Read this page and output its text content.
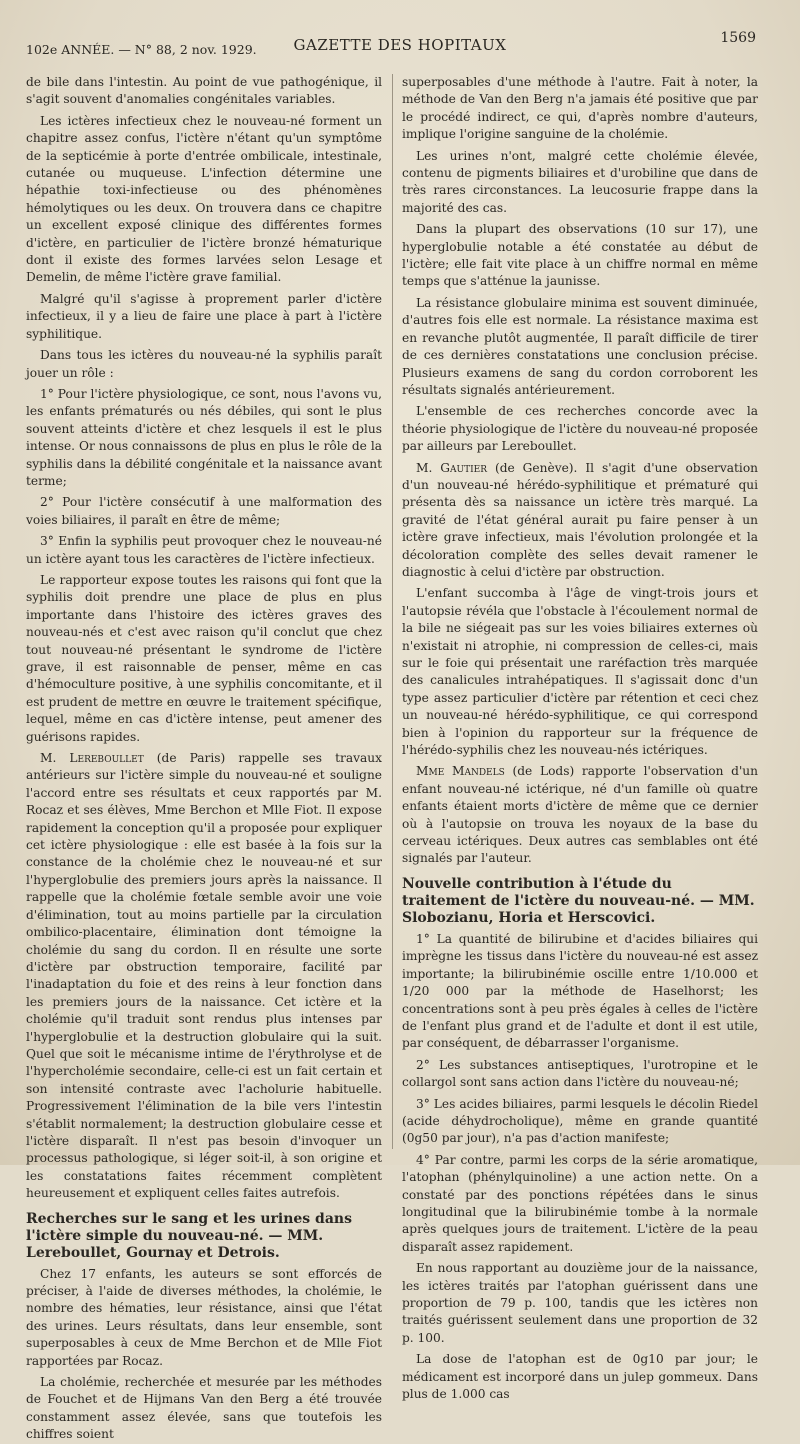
102e ANNÉE. — N° 88, 2 nov. 1929.	GAZETTE DES HOPITAUX	1569

de bile dans l'intestin. Au point de vue pathogénique, il s'agit souvent d'anomalies congénitales variables.

Les ictères infectieux chez le nouveau-né forment un chapitre assez confus, l'ictère n'étant qu'un symptôme de la septicémie à porte d'entrée ombilicale, intestinale, cutanée ou muqueuse. L'infection détermine une hépathie toxi-infectieuse ou des phénomènes hémolytiques ou les deux. On trouvera dans ce chapitre un excellent exposé clinique des différentes formes d'ictère, en particulier de l'ictère bronzé hématurique dont il existe des formes larvées selon Lesage et Demelin, de même l'ictère grave familial.

Malgré qu'il s'agisse à proprement parler d'ictère infectieux, il y a lieu de faire une place à part à l'ictère syphilitique.

Dans tous les ictères du nouveau-né la syphilis paraît jouer un rôle :

1° Pour l'ictère physiologique, ce sont, nous l'avons vu, les enfants prématurés ou nés débiles, qui sont le plus souvent atteints d'ictère et chez lesquels il est le plus intense. Or nous connaissons de plus en plus le rôle de la syphilis dans la débilité congénitale et la naissance avant terme;

2° Pour l'ictère consécutif à une malformation des voies biliaires, il paraît en être de même;

3° Enfin la syphilis peut provoquer chez le nouveau-né un ictère ayant tous les caractères de l'ictère infectieux.

Le rapporteur expose toutes les raisons qui font que la syphilis doit prendre une place de plus en plus importante dans l'histoire des ictères graves des nouveau-nés et c'est avec raison qu'il conclut que chez tout nouveau-né présentant le syndrome de l'ictère grave, il est raisonnable de penser, même en cas d'hémoculture positive, à une syphilis concomitante, et il est prudent de mettre en œuvre le traitement spécifique, lequel, même en cas d'ictère intense, peut amener des guérisons rapides.

M. Lereboullet (de Paris) rappelle ses travaux antérieurs sur l'ictère simple du nouveau-né et souligne l'accord entre ses résultats et ceux rapportés par M. Rocaz et ses élèves, Mme Berchon et Mlle Fiot. Il expose rapidement la conception qu'il a proposée pour expliquer cet ictère physiologique : elle est basée à la fois sur la constance de la cholémie chez le nouveau-né et sur l'hyperglobulie des premiers jours après la naissance. Il rappelle que la cholémie fœtale semble avoir une voie d'élimination, tout au moins partielle par la circulation ombilico-placentaire, élimination dont témoigne la cholémie du sang du cordon. Il en résulte une sorte d'ictère par obstruction temporaire, facilité par l'inadaptation du foie et des reins à leur fonction dans les premiers jours de la naissance. Cet ictère et la cholémie qu'il traduit sont rendus plus intenses par l'hyperglobulie et la destruction globulaire qui la suit. Quel que soit le mécanisme intime de l'érythrolyse et de l'hypercholémie secondaire, celle-ci est un fait certain et son intensité contraste avec l'acholurie habituelle. Progressivement l'élimination de la bile vers l'intestin s'établit normalement; la destruction globulaire cesse et l'ictère disparaît. Il n'est pas besoin d'invoquer un processus pathologique, si léger soit-il, à son origine et les constatations faites récemment complètent heureusement et expliquent celles faites autrefois.

Recherches sur le sang et les urines dans l'ictère simple du nouveau-né. — MM. Lereboullet, Gournay et Detrois.

Chez 17 enfants, les auteurs se sont efforcés de préciser, à l'aide de diverses méthodes, la cholémie, le nombre des hématies, leur résistance, ainsi que l'état des urines. Leurs résultats, dans leur ensemble, sont superposables à ceux de Mme Berchon et de Mlle Fiot rapportées par Rocaz.

La cholémie, recherchée et mesurée par les méthodes de Fouchet et de Hijmans Van den Berg a été trouvée constamment assez élevée, sans que toutefois les chiffres soient

superposables d'une méthode à l'autre. Fait à noter, la méthode de Van den Berg n'a jamais été positive que par le procédé indirect, ce qui, d'après nombre d'auteurs, implique l'origine sanguine de la cholémie.

Les urines n'ont, malgré cette cholémie élevée, contenu de pigments biliaires et d'urobiline que dans de très rares circonstances. La leucosurie frappe dans la majorité des cas.

Dans la plupart des observations (10 sur 17), une hyperglobulie notable a été constatée au début de l'ictère; elle fait vite place à un chiffre normal en même temps que s'atténue la jaunisse.

La résistance globulaire minima est souvent diminuée, d'autres fois elle est normale. La résistance maxima est en revanche plutôt augmentée, Il paraît difficile de tirer de ces dernières constatations une conclusion précise. Plusieurs examens de sang du cordon corroborent les résultats signalés antérieurement.

L'ensemble de ces recherches concorde avec la théorie physiologique de l'ictère du nouveau-né proposée par ailleurs par Lereboullet.

M. Gautier (de Genève). Il s'agit d'une observation d'un nouveau-né hérédo-syphilitique et prématuré qui présenta dès sa naissance un ictère très marqué. La gravité de l'état général aurait pu faire penser à un ictère grave infectieux, mais l'évolution prolongée et la décoloration complète des selles devait ramener le diagnostic à celui d'ictère par obstruction.

L'enfant succomba à l'âge de vingt-trois jours et l'autopsie révéla que l'obstacle à l'écoulement normal de la bile ne siégeait pas sur les voies biliaires externes où n'existait ni atrophie, ni compression de celles-ci, mais sur le foie qui présentait une raréfaction très marquée des canalicules intrahépatiques. Il s'agissait donc d'un type assez particulier d'ictère par rétention et ceci chez un nouveau-né hérédo-syphilitique, ce qui correspond bien à l'opinion du rapporteur sur la fréquence de l'hérédo-syphilis chez les nouveau-nés ictériques.

Mme Mandels (de Lods) rapporte l'observation d'un enfant nouveau-né ictérique, né d'un famille où quatre enfants étaient morts d'ictère de même que ce dernier où à l'autopsie on trouva les noyaux de la base du cerveau ictériques. Deux autres cas semblables ont été signalés par l'auteur.

Nouvelle contribution à l'étude du traitement de l'ictère du nouveau-né. — MM. Slobozianu, Horia et Herscovici.

1° La quantité de bilirubine et d'acides biliaires qui imprègne les tissus dans l'ictère du nouveau-né est assez importante; la bilirubinémie oscille entre 1/10.000 et 1/20 000 par la méthode de Haselhorst; les concentrations sont à peu près égales à celles de l'ictère de l'enfant plus grand et de l'adulte et dont il est utile, par conséquent, de débarrasser l'organisme.

2° Les substances antiseptiques, l'urotropine et le collargol sont sans action dans l'ictère du nouveau-né;

3° Les acides biliaires, parmi lesquels le décolin Riedel (acide déhydrocholique), même en grande quantité (0g50 par jour), n'a pas d'action manifeste;

4° Par contre, parmi les corps de la série aromatique, l'atophan (phénylquinoline) a une action nette. On a constaté par des ponctions répétées dans le sinus longitudinal que la bilirubinémie tombe à la normale après quelques jours de traitement. L'ictère de la peau disparaît assez rapidement.

En nous rapportant au douzième jour de la naissance, les ictères traités par l'atophan guérissent dans une proportion de 79 p. 100, tandis que les ictères non traités guérissent seulement dans une proportion de 32 p. 100.

La dose de l'atophan est de 0g10 par jour; le médicament est incorporé dans un julep gommeux. Dans plus de 1.000 cas
